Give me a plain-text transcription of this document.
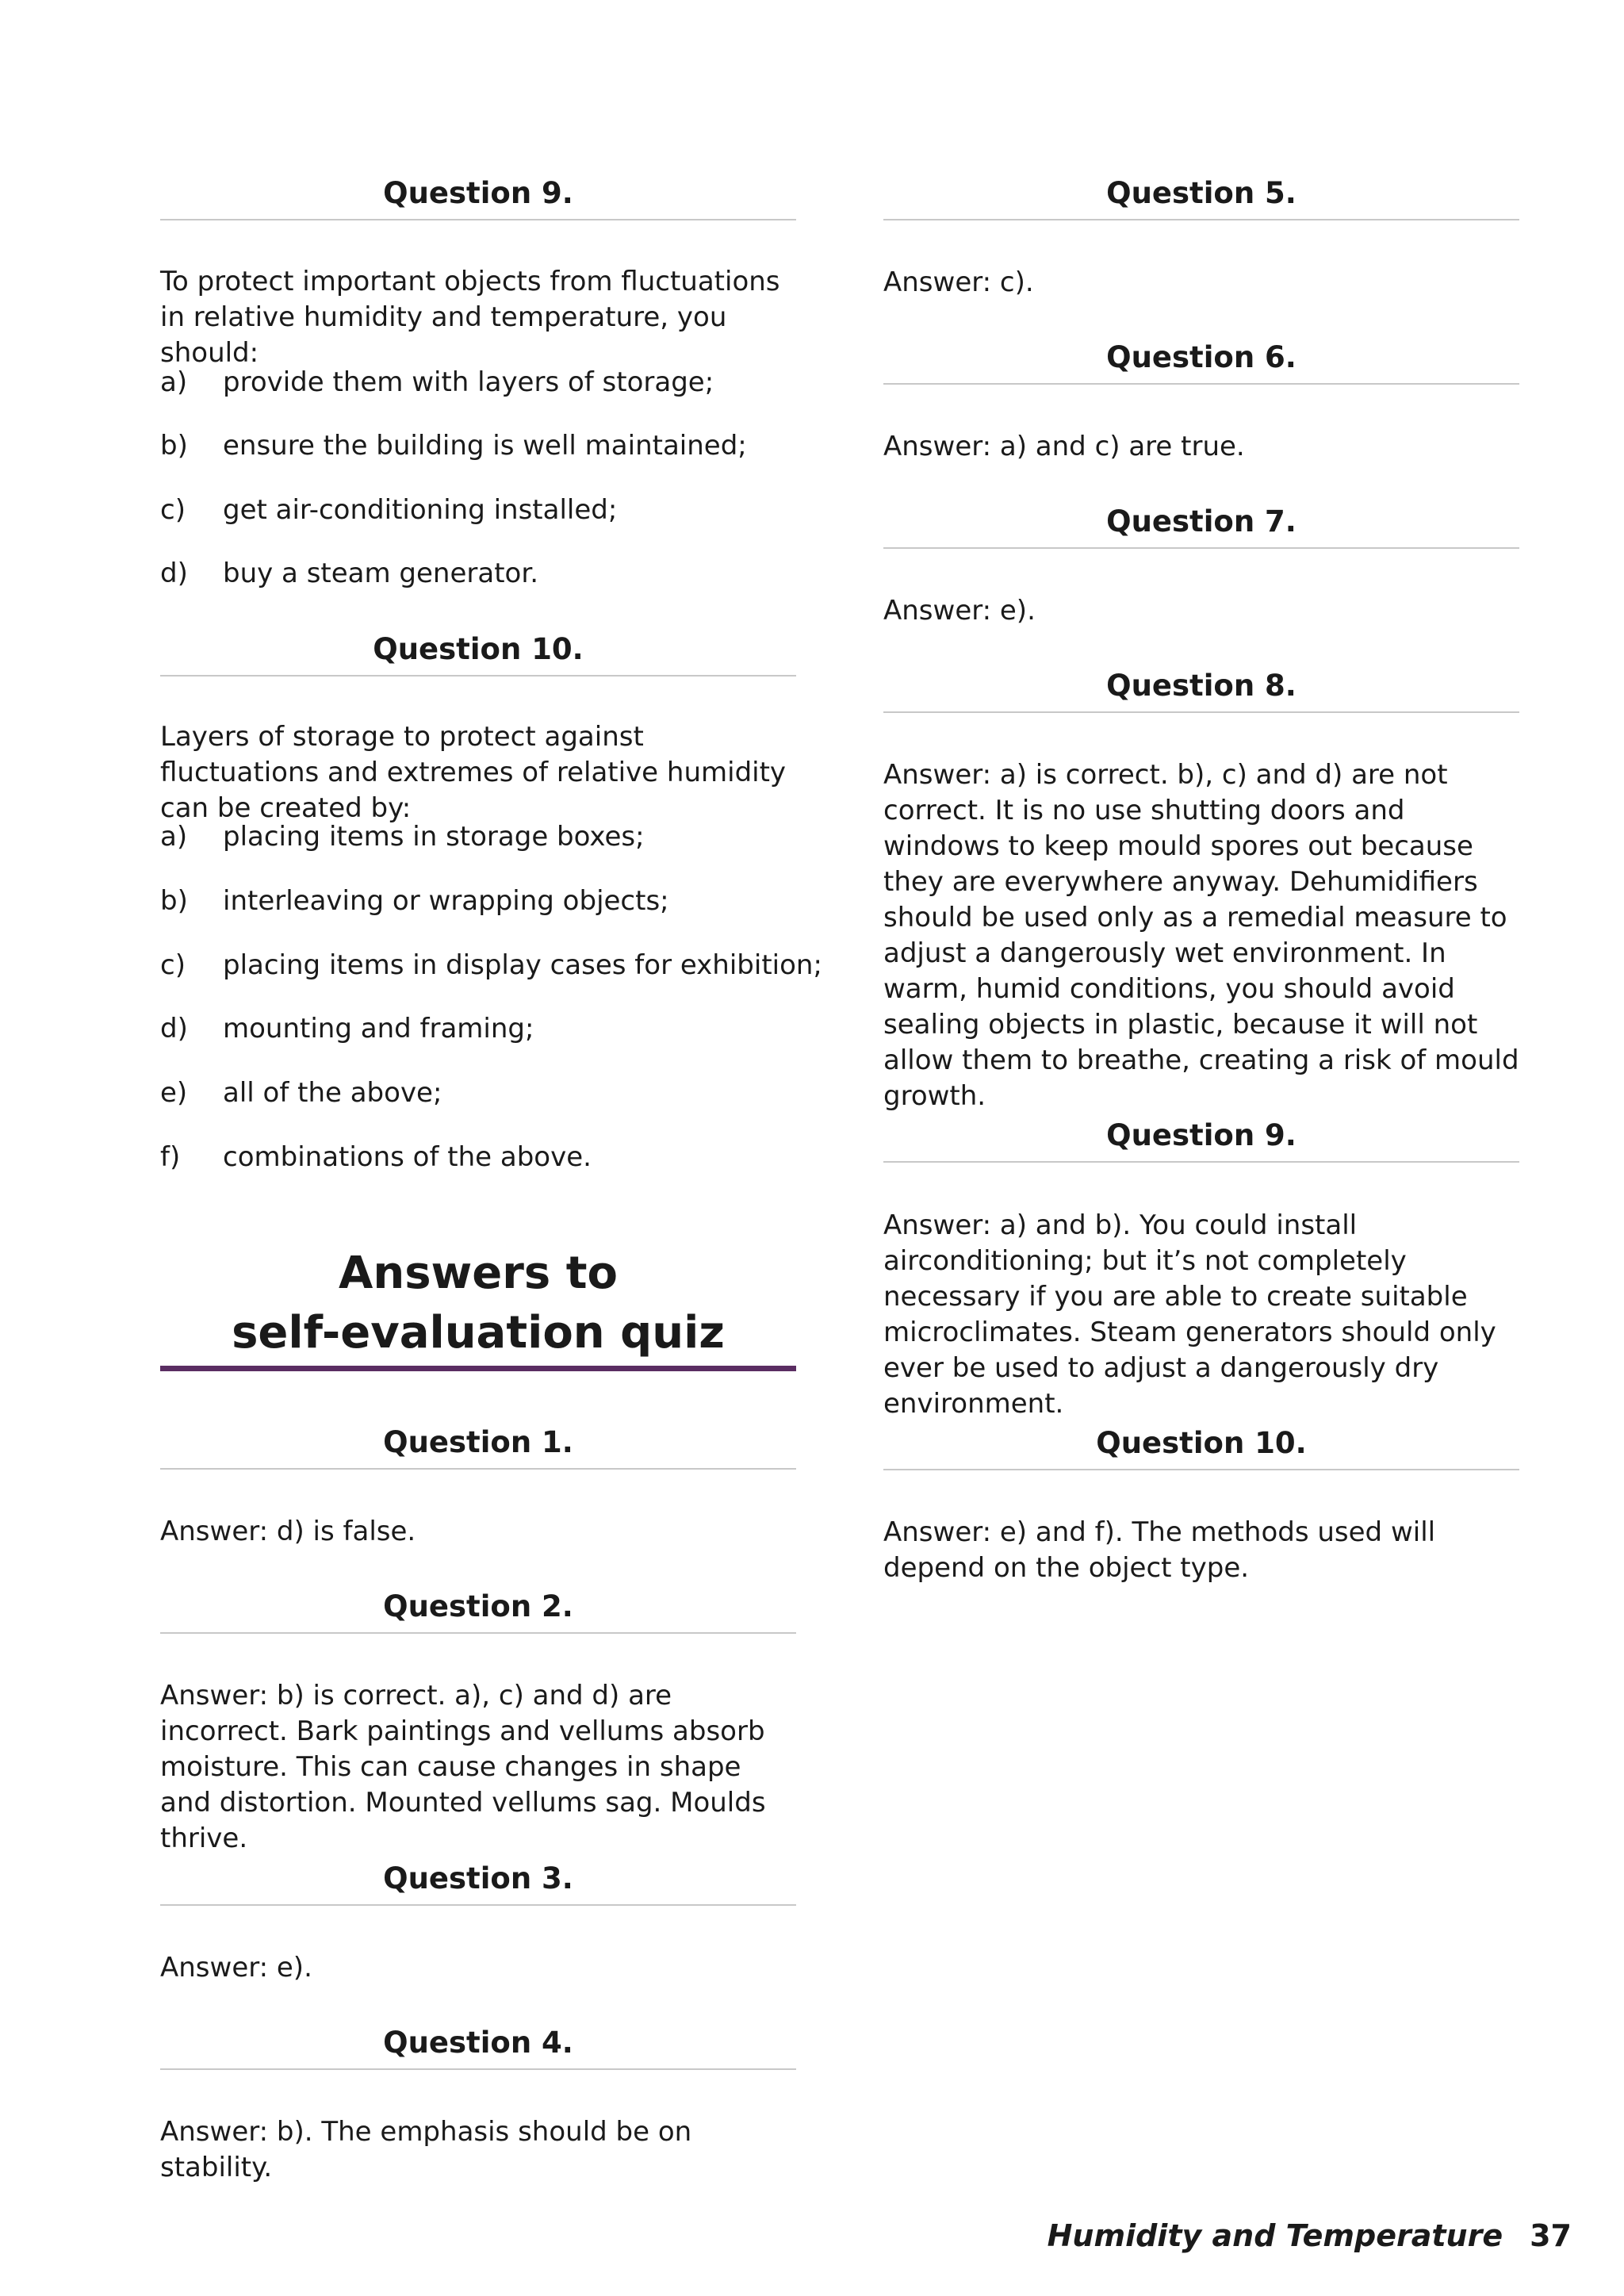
Question 9.

To protect important objects from fluctuations in relative humidity and temperature, you should:

a) provide them with layers of storage;
b) ensure the building is well maintained;
c) get air-conditioning installed;
d) buy a steam generator.
Question 10.

Layers of storage to protect against fluctuations and extremes of relative humidity can be created by:

a) placing items in storage boxes;
b) interleaving or wrapping objects;
c) placing items in display cases for exhibition;
d) mounting and framing;
e) all of the above;
f) combinations of the above.
Answers to
self-evaluation quiz
Question 1.

Answer: d) is false.

Question 2.

Answer: b) is correct. a), c) and d) are incorrect. Bark paintings and vellums absorb moisture. This can cause changes in shape and distortion. Mounted vellums sag. Moulds thrive.

Question 3.

Answer: e).

Question 4.

Answer: b). The emphasis should be on stability.

Question 5.

Answer: c).

Question 6.

Answer: a) and c) are true.

Question 7.

Answer: e).

Question 8.

Answer: a) is correct. b), c) and d) are not correct. It is no use shutting doors and windows to keep mould spores out because they are everywhere anyway. Dehumidifiers should be used only as a remedial measure to adjust a dangerously wet environment. In warm, humid conditions, you should avoid sealing objects in plastic, because it will not allow them to breathe, creating a risk of mould growth.

Question 9.

Answer: a) and b). You could install airconditioning; but it’s not completely necessary if you are able to create suitable microclimates. Steam generators should only ever be used to adjust a dangerously dry environment.

Question 10.

Answer: e) and f). The methods used will depend on the object type.

Humidity and Temperature 37
